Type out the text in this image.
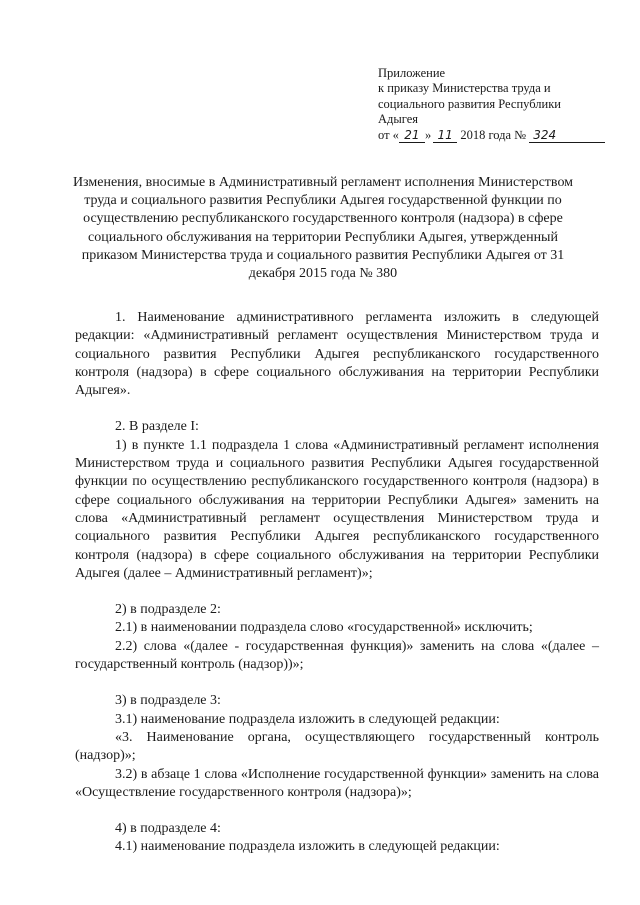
Приложение
к приказу Министерства труда и
социального развития Республики
Адыгея
от « 21 » 11 2018 года № 324
Изменения, вносимые в Административный регламент исполнения Министерством труда и социального развития Республики Адыгея государственной функции по осуществлению республиканского государственного контроля (надзора) в сфере социального обслуживания на территории Республики Адыгея, утвержденный приказом Министерства труда и социального развития Республики Адыгея от 31 декабря 2015 года № 380

1. Наименование административного регламента изложить в следующей редакции: «Административный регламент осуществления Министерством труда и социального развития Республики Адыгея республиканского государственного контроля (надзора) в сфере социального обслуживания на территории Республики Адыгея».

2. В разделе I:

1) в пункте 1.1 подраздела 1 слова «Административный регламент исполнения Министерством труда и социального развития Республики Адыгея государственной функции по осуществлению республиканского государственного контроля (надзора) в сфере социального обслуживания на территории Республики Адыгея» заменить на слова «Административный регламент осуществления Министерством труда и социального развития Республики Адыгея республиканского государственного контроля (надзора) в сфере социального обслуживания на территории Республики Адыгея (далее – Административный регламент)»;

2) в подразделе 2:

2.1) в наименовании подраздела слово «государственной» исключить;

2.2) слова «(далее - государственная функция)» заменить на слова «(далее – государственный контроль (надзор))»;

3) в подразделе 3:

3.1) наименование подраздела изложить в следующей редакции:

«3. Наименование органа, осуществляющего государственный контроль (надзор)»;

3.2) в абзаце 1 слова «Исполнение государственной функции» заменить на слова «Осуществление государственного контроля (надзора)»;

4) в подразделе 4:

4.1) наименование подраздела изложить в следующей редакции:
